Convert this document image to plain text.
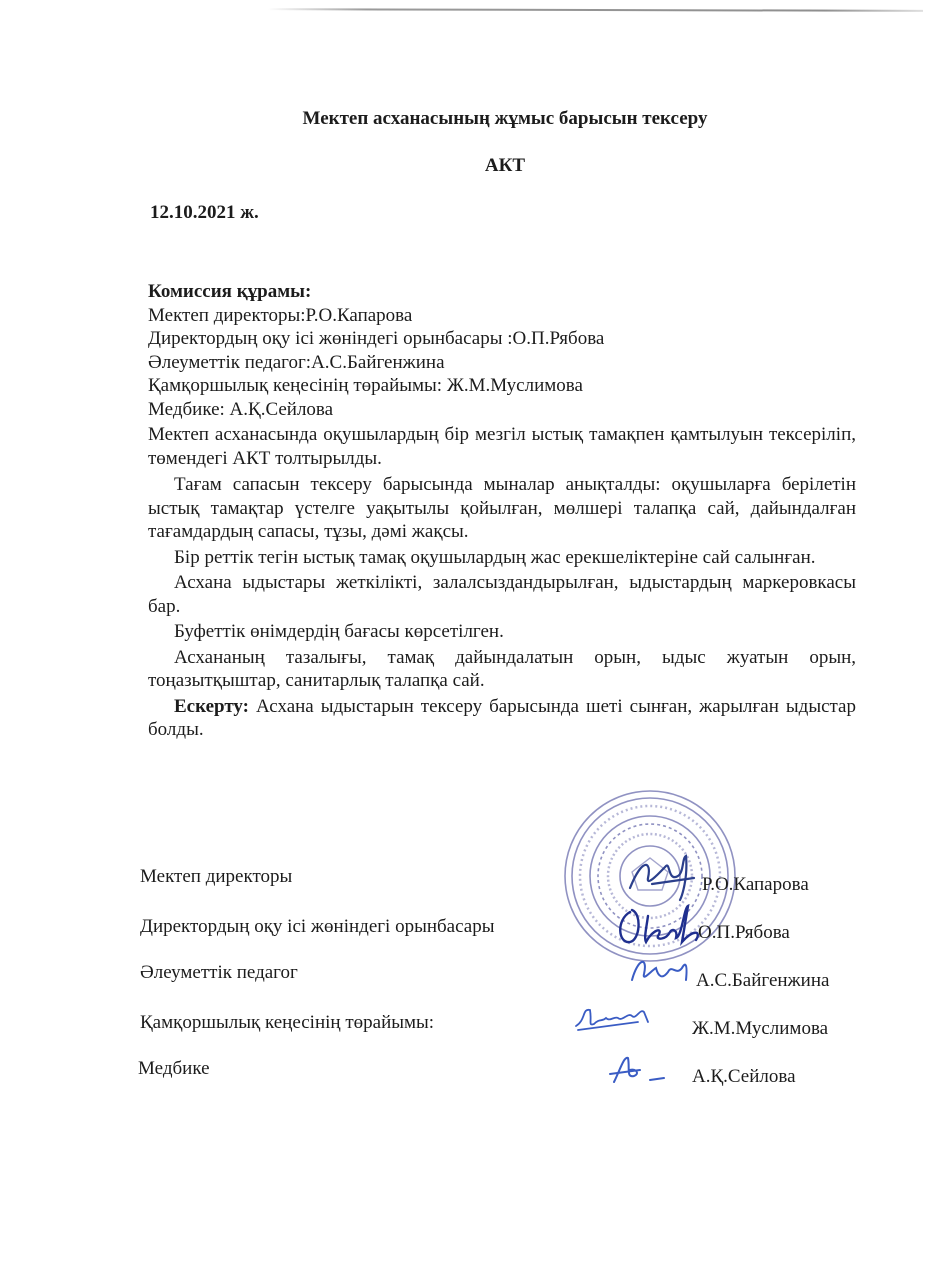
Мектеп асханасының жұмыс барысын тексеру
АКТ
12.10.2021 ж.
Комиссия құрамы:
Мектеп директоры:Р.О.Капарова
Директордың оқу ісі жөніндегі орынбасары :О.П.Рябова
Әлеуметтік педагог:А.С.Байгенжина
Қамқоршылық кеңесінің төрайымы: Ж.М.Муслимова
Медбике: А.Қ.Сейлова

Мектеп асханасында оқушылардың бір мезгіл ыстық тамақпен қамтылуын тексеріліп, төмендегі АКТ толтырылды.

Тағам сапасын тексеру барысында мыналар анықталды: оқушыларға берілетін ыстық тамақтар үстелге уақытылы қойылған, мөлшері талапқа сай, дайындалған тағамдардың сапасы, тұзы, дәмі жақсы.

Бір реттік тегін ыстық тамақ оқушылардың жас ерекшеліктеріне сай салынған.

Асхана ыдыстары жеткілікті, залалсыздандырылған, ыдыстардың маркеровкасы бар.

Буфеттік өнімдердің бағасы көрсетілген.

Асхананың тазалығы, тамақ дайындалатын орын, ыдыс жуатын орын, тоңазытқыштар, санитарлық талапқа сай.

Ескерту: Асхана ыдыстарын тексеру барысында шеті сынған, жарылған ыдыстар болды.

Мектеп директоры	Р.О.Капарова
Директордың оқу ісі жөніндегі орынбасары	О.П.Рябова
Әлеуметтік педагог	А.С.Байгенжина
Қамқоршылық кеңесінің төрайымы:	Ж.М.Муслимова
Медбике	А.Қ.Сейлова
